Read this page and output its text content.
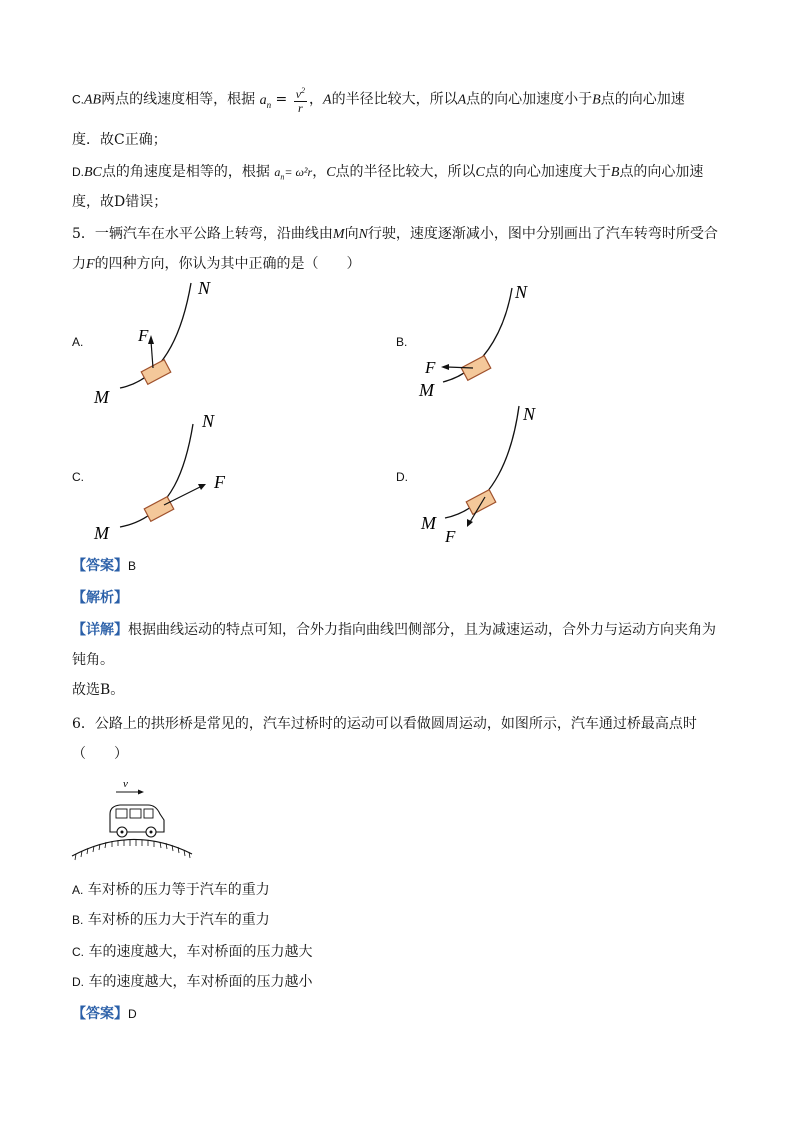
C.AB两点的线速度相等，根据 $a_n = \frac{v^2}{r}$ ，A的半径比较大，所以A点的向心加速度小于B点的向心加速
度．故C正确；
D.BC点的角速度是相等的，根据 $a_n= \omega^2r$，C点的半径比较大，所以C点的向心加速度大于B点的向心加速
度，故D错误；
5．一辆汽车在水平公路上转弯，沿曲线由M向N行驶，速度逐渐减小，图中分别画出了汽车转弯时所受合
力F的四种方向，你认为其中正确的是（　　）
A.	B.
C.	D.
F
M
N
F
M
N
F
M
N
F
M
N
【答案】B
【解析】
【详解】根据曲线运动的特点可知，合外力指向曲线凹侧部分，且为减速运动，合外力与运动方向夹角为
钝角。
故选B。
6．公路上的拱形桥是常见的，汽车过桥时的运动可以看做圆周运动，如图所示，汽车通过桥最高点时
（　　）
v
A. 车对桥的压力等于汽车的重力
B. 车对桥的压力大于汽车的重力
C. 车的速度越大，车对桥面的压力越大
D. 车的速度越大，车对桥面的压力越小
【答案】D
